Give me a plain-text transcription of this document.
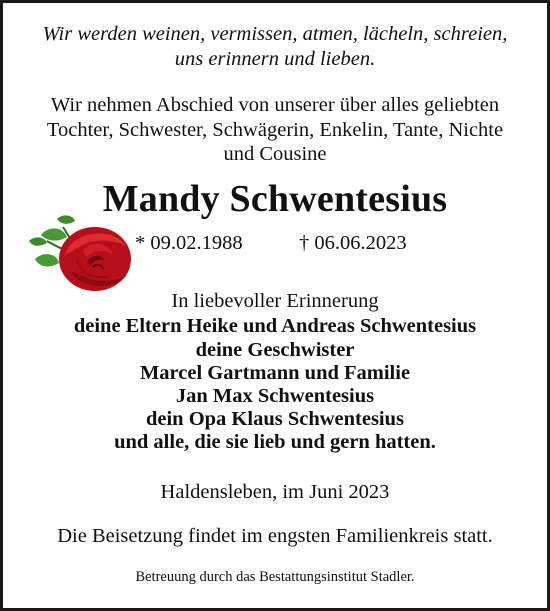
Wir werden weinen, vermissen, atmen, lächeln, schreien,
uns erinnern und lieben.
Wir nehmen Abschied von unserer über alles geliebten
Tochter, Schwester, Schwägerin, Enkelin, Tante, Nichte
und Cousine
Mandy Schwentesius
* 09.02.1988	† 06.06.2023
In liebevoller Erinnerung
deine Eltern Heike und Andreas Schwentesius
deine Geschwister
Marcel Gartmann und Familie
Jan Max Schwentesius
dein Opa Klaus Schwentesius
und alle, die sie lieb und gern hatten.
Haldensleben, im Juni 2023
Die Beisetzung findet im engsten Familienkreis statt.
Betreuung durch das Bestattungsinstitut Stadler.
